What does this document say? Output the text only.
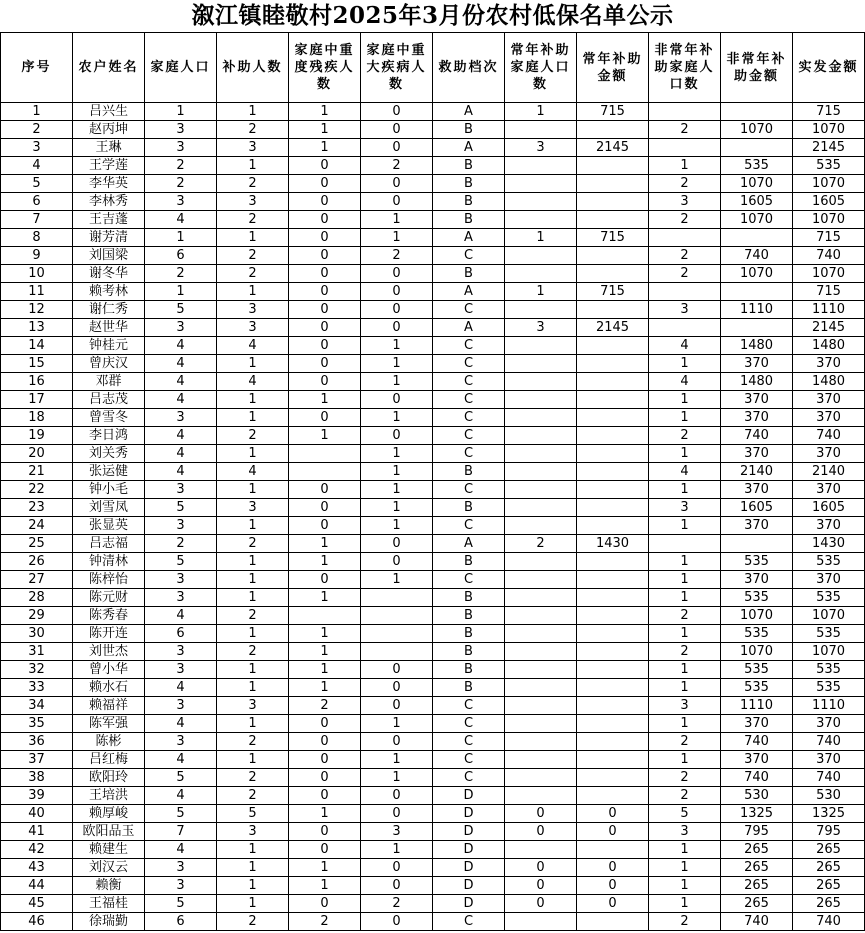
溆江镇睦敬村2025年3月份农村低保名单公示
序号	农户姓名	家庭人口	补助人数	家庭中重度残疾人数	家庭中重大疾病人数	救助档次	常年补助家庭人口数	常年补助金额	非常年补助家庭人口数	非常年补助金额	实发金额
1	吕兴生	1	1	1	0	A	1	715			715
2	赵丙坤	3	2	1	0	B			2	1070	1070
3	王琳	3	3	1	0	A	3	2145			2145
4	王学莲	2	1	0	2	B			1	535	535
5	李华英	2	2	0	0	B			2	1070	1070
6	李林秀	3	3	0	0	B			3	1605	1605
7	王吉蓬	4	2	0	1	B			2	1070	1070
8	谢芳清	1	1	0	1	A	1	715			715
9	刘国梁	6	2	0	2	C			2	740	740
10	谢冬华	2	2	0	0	B			2	1070	1070
11	赖考林	1	1	0	0	A	1	715			715
12	谢仁秀	5	3	0	0	C			3	1110	1110
13	赵世华	3	3	0	0	A	3	2145			2145
14	钟桂元	4	4	0	1	C			4	1480	1480
15	曾庆汉	4	1	0	1	C			1	370	370
16	邓群	4	4	0	1	C			4	1480	1480
17	吕志茂	4	1	1	0	C			1	370	370
18	曾雪冬	3	1	0	1	C			1	370	370
19	李日鸿	4	2	1	0	C			2	740	740
20	刘关秀	4	1		1	C			1	370	370
21	张运健	4	4		1	B			4	2140	2140
22	钟小毛	3	1	0	1	C			1	370	370
23	刘雪凤	5	3	0	1	B			3	1605	1605
24	张显英	3	1	0	1	C			1	370	370
25	吕志福	2	2	1	0	A	2	1430			1430
26	钟清林	5	1	1	0	B			1	535	535
27	陈梓怡	3	1	0	1	C			1	370	370
28	陈元财	3	1	1		B			1	535	535
29	陈秀春	4	2			B			2	1070	1070
30	陈开连	6	1	1		B			1	535	535
31	刘世杰	3	2	1		B			2	1070	1070
32	曾小华	3	1	1	0	B			1	535	535
33	赖水石	4	1	1	0	B			1	535	535
34	赖福祥	3	3	2	0	C			3	1110	1110
35	陈军强	4	1	0	1	C			1	370	370
36	陈彬	3	2	0	0	C			2	740	740
37	吕红梅	4	1	0	1	C			1	370	370
38	欧阳玲	5	2	0	1	C			2	740	740
39	王培洪	4	2	0	0	D			2	530	530
40	赖厚峻	5	5	1	0	D	0	0	5	1325	1325
41	欧阳品玉	7	3	0	3	D	0	0	3	795	795
42	赖建生	4	1	0	1	D			1	265	265
43	刘汉云	3	1	1	0	D	0	0	1	265	265
44	赖衡	3	1	1	0	D	0	0	1	265	265
45	王福桂	5	1	0	2	D	0	0	1	265	265
46	徐瑞勤	6	2	2	0	C			2	740	740
